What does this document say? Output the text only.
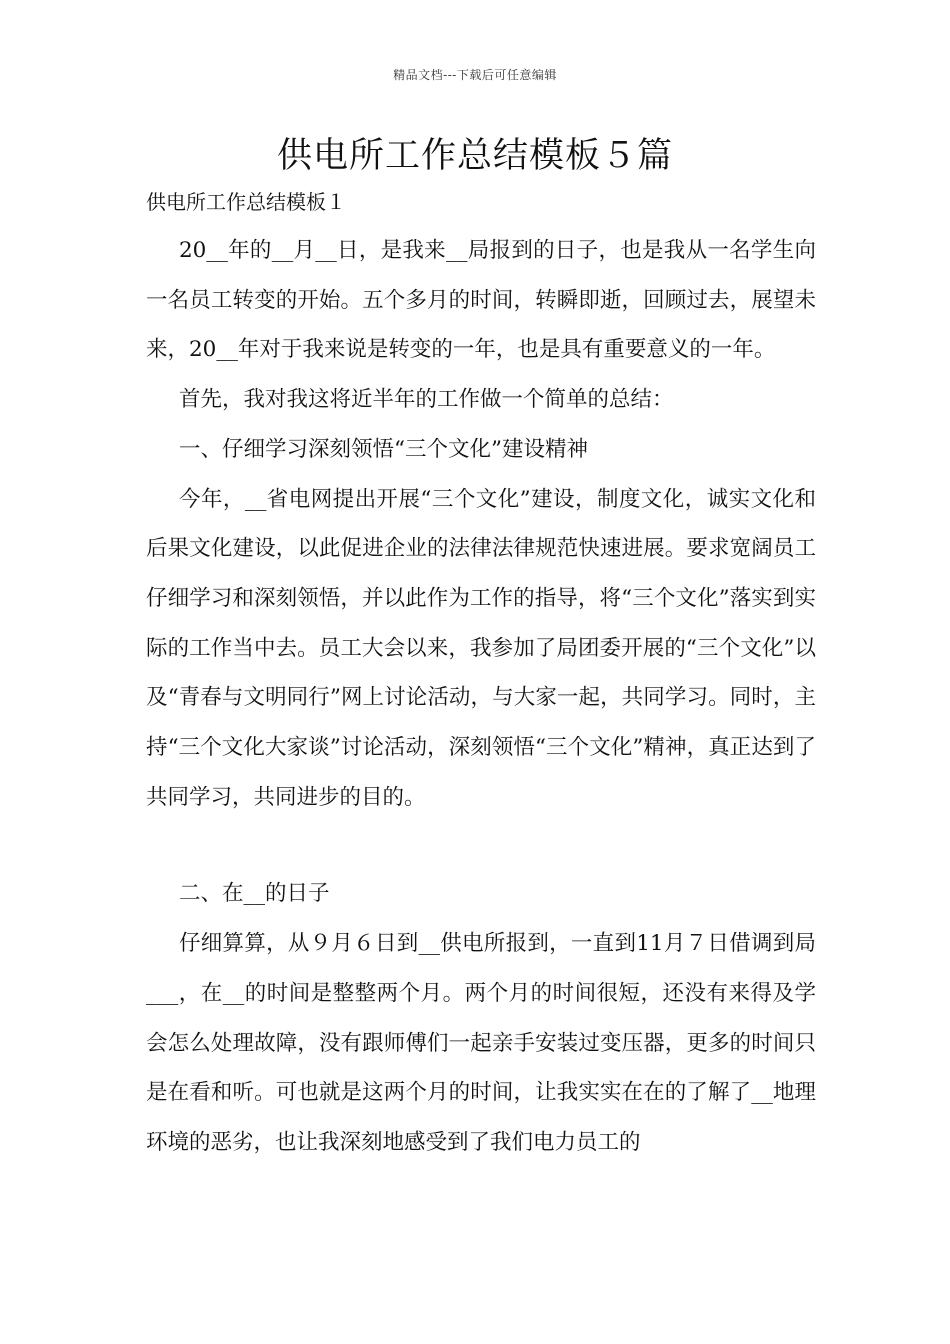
精品文档---下载后可任意编辑
供电所工作总结模板５篇

供电所工作总结模板１

20__年的__月__日，是我来__局报到的日子，也是我从一名学生向一名员工转变的开始。五个多月的时间，转瞬即逝，回顾过去，展望未来，20__年对于我来说是转变的一年，也是具有重要意义的一年。

首先，我对我这将近半年的工作做一个简单的总结：

一、仔细学习深刻领悟“三个文化”建设精神

今年，__省电网提出开展“三个文化”建设，制度文化，诚实文化和后果文化建设，以此促进企业的法律法律规范快速进展。要求宽阔员工仔细学习和深刻领悟，并以此作为工作的指导，将“三个文化”落实到实际的工作当中去。员工大会以来，我参加了局团委开展的“三个文化”以及“青春与文明同行”网上讨论活动，与大家一起，共同学习。同时，主持“三个文化大家谈”讨论活动，深刻领悟“三个文化”精神，真正达到了共同学习，共同进步的目的。

二、在__的日子

仔细算算，从９月６日到__供电所报到，一直到11月７日借调到局___，在__的时间是整整两个月。两个月的时间很短，还没有来得及学会怎么处理故障，没有跟师傅们一起亲手安装过变压器，更多的时间只是在看和听。可也就是这两个月的时间，让我实实在在的了解了__地理环境的恶劣，也让我深刻地感受到了我们电力员工的
